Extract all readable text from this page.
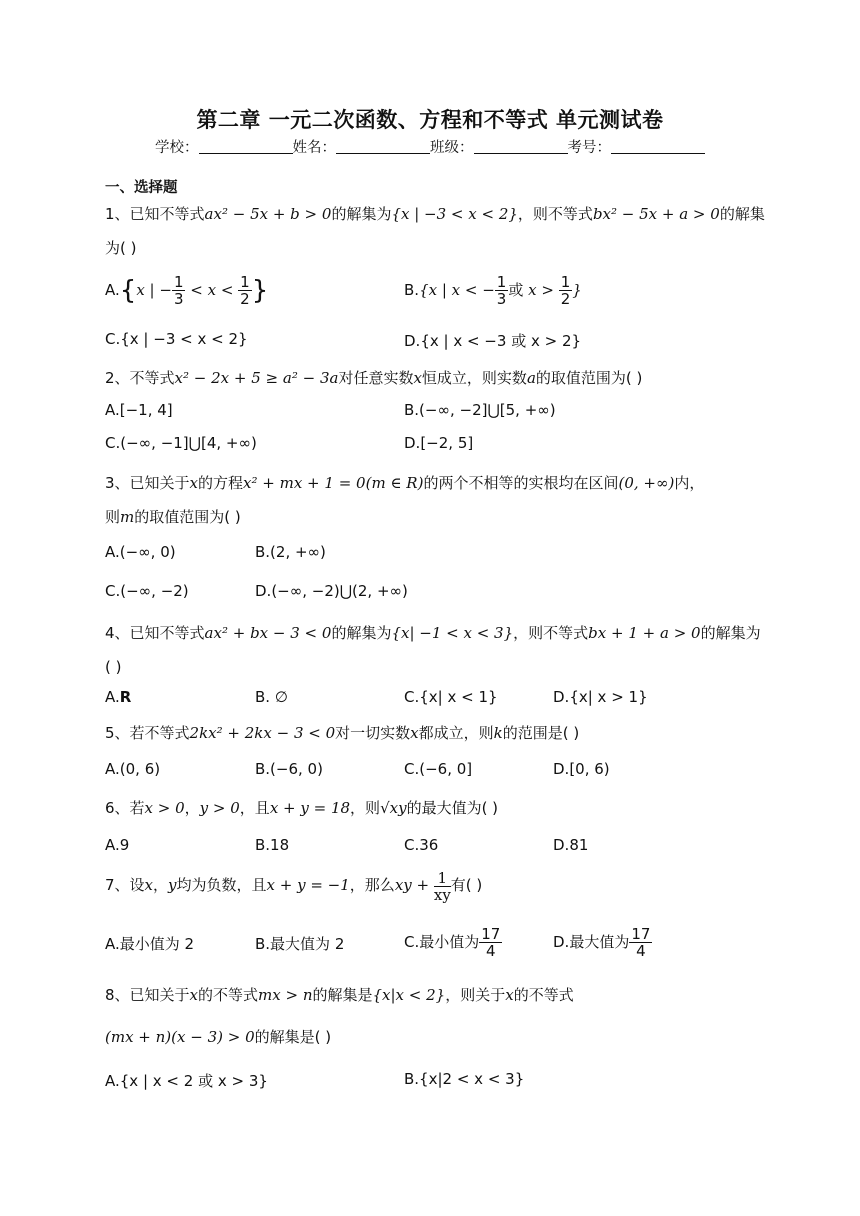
第二章 一元二次函数、方程和不等式 单元测试卷
学校：	姓名：	班级：	考号：
一、选择题
1、已知不等式ax² − 5x + b > 0的解集为{x | −3 < x < 2}，则不等式bx² − 5x + a > 0的解集
为( )
A.{x | − $\frac{1}{3} < x < \frac{1}{2}$ }	B.{x | x < − $\frac{1}{3}$ 或 $x > \frac{1}{2}$ }
C.{x | −3 < x < 2}	D.{x | x < −3 或 x > 2}
2、不等式x² − 2x + 5 ≥ a² − 3a对任意实数x恒成立，则实数a的取值范围为( )
A.[−1, 4]	B.(−∞, −2]⋃[5, +∞)
C.(−∞, −1]⋃[4, +∞)	D.[−2, 5]
3、已知关于x的方程x² + mx + 1 = 0(m ∈ R)的两个不相等的实根均在区间(0, +∞)内，
则m的取值范围为( )
A.(−∞, 0)	B.(2, +∞)
C.(−∞, −2)	D.(−∞, −2)⋃(2, +∞)
4、已知不等式ax² + bx − 3 < 0的解集为{x| −1 < x < 3}，则不等式bx + 1 + a > 0的解集为
( )
A.R	B. ∅	C.{x| x < 1}	D.{x| x > 1}
5、若不等式2kx² + 2kx − 3 < 0对一切实数x都成立，则k的范围是( )
A.(0, 6)	B.(−6, 0)	C.(−6, 0]	D.[0, 6)
6、若x > 0，y > 0，且x + y = 18，则√xy的最大值为( )
A.9	B.18	C.36	D.81
7、设x，y均为负数，且x + y = −1，那么xy + $\frac{1}{xy}$ 有( )
A.最小值为 2	B.最大值为 2	C.最小值为 $\frac{17}{4}$	D.最大值为 $\frac{17}{4}$
8、已知关于x的不等式mx > n的解集是{x|x < 2}，则关于x的不等式
(mx + n)(x − 3) > 0的解集是( )
A.{x | x < 2 或 x > 3}	B.{x|2 < x < 3}
